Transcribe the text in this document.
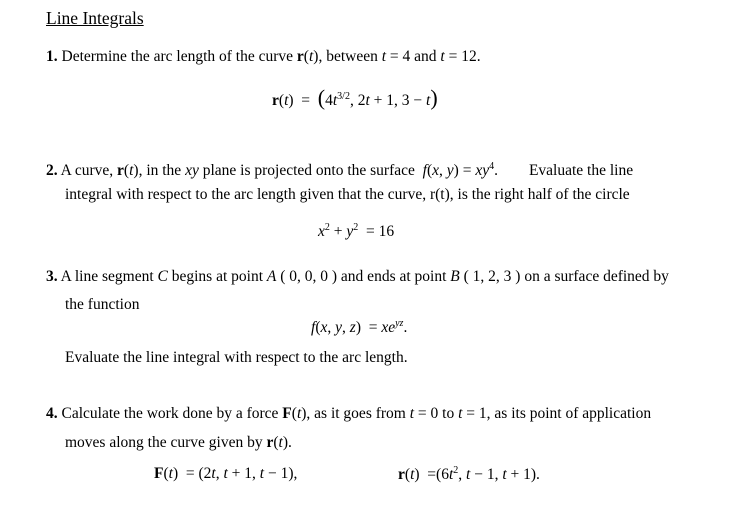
Line Integrals
1. Determine the arc length of the curve r(t), between t = 4 and t = 12.
$r(t) = (4t^{3/2}$, 2t + 1, 3 − t)
2. A curve, r(t), in the xy plane is projected onto the surface  f(x, $y) = xy^4$.        Evaluate the line
integral with respect to the arc length given that the curve, r(t), is the right half of the circle
$x^2 + y^2 = 16$
3. A line segment C begins at point A ( 0, 0, 0 ) and ends at point B ( 1, 2, 3 ) on a surface defined by
the function
f(x, y, $z) = xe^{yz}$.
Evaluate the line integral with respect to the arc length.
4. Calculate the work done by a force F(t), as it goes from t = 0 to t = 1, as its point of application
moves along the curve given by r(t).
F(t)  = (2t, t + 1, t − 1),	$r(t) =(6t^2$, t − 1, t + 1).
